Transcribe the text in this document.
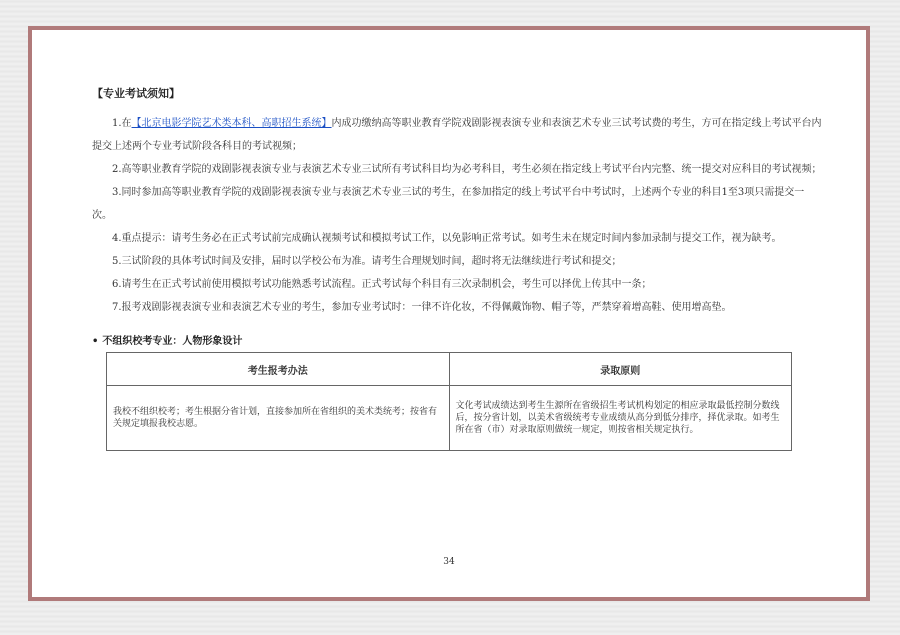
【专业考试须知】

1.在【北京电影学院艺术类本科、高职招生系统】内成功缴纳高等职业教育学院戏剧影视表演专业和表演艺术专业三试考试费的考生，方可在指定线上考试平台内提交上述两个专业考试阶段各科目的考试视频；

2.高等职业教育学院的戏剧影视表演专业与表演艺术专业三试所有考试科目均为必考科目，考生必须在指定线上考试平台内完整、统一提交对应科目的考试视频；

3.同时参加高等职业教育学院的戏剧影视表演专业与表演艺术专业三试的考生，在参加指定的线上考试平台中考试时，上述两个专业的科目1至3项只需提交一次。

4.重点提示：请考生务必在正式考试前完成确认视频考试和模拟考试工作，以免影响正常考试。如考生未在规定时间内参加录制与提交工作，视为缺考。

5.三试阶段的具体考试时间及安排，届时以学校公布为准。请考生合理规划时间，超时将无法继续进行考试和提交；

6.请考生在正式考试前使用模拟考试功能熟悉考试流程。正式考试每个科目有三次录制机会，考生可以择优上传其中一条；

7.报考戏剧影视表演专业和表演艺术专业的考生，参加专业考试时：一律不许化妆，不得佩戴饰物、帽子等，严禁穿着增高鞋、使用增高垫。

• 不组织校考专业：人物形象设计
考生报考办法	录取原则
我校不组织校考；考生根据分省计划，直接参加所在省组织的美术类统考；按省有关规定填报我校志愿。	文化考试成绩达到考生生源所在省级招生考试机构划定的相应录取最低控制分数线后，按分省计划，以美术省级统考专业成绩从高分到低分排序，择优录取。如考生所在省（市）对录取原则做统一规定，则按省相关规定执行。
34
